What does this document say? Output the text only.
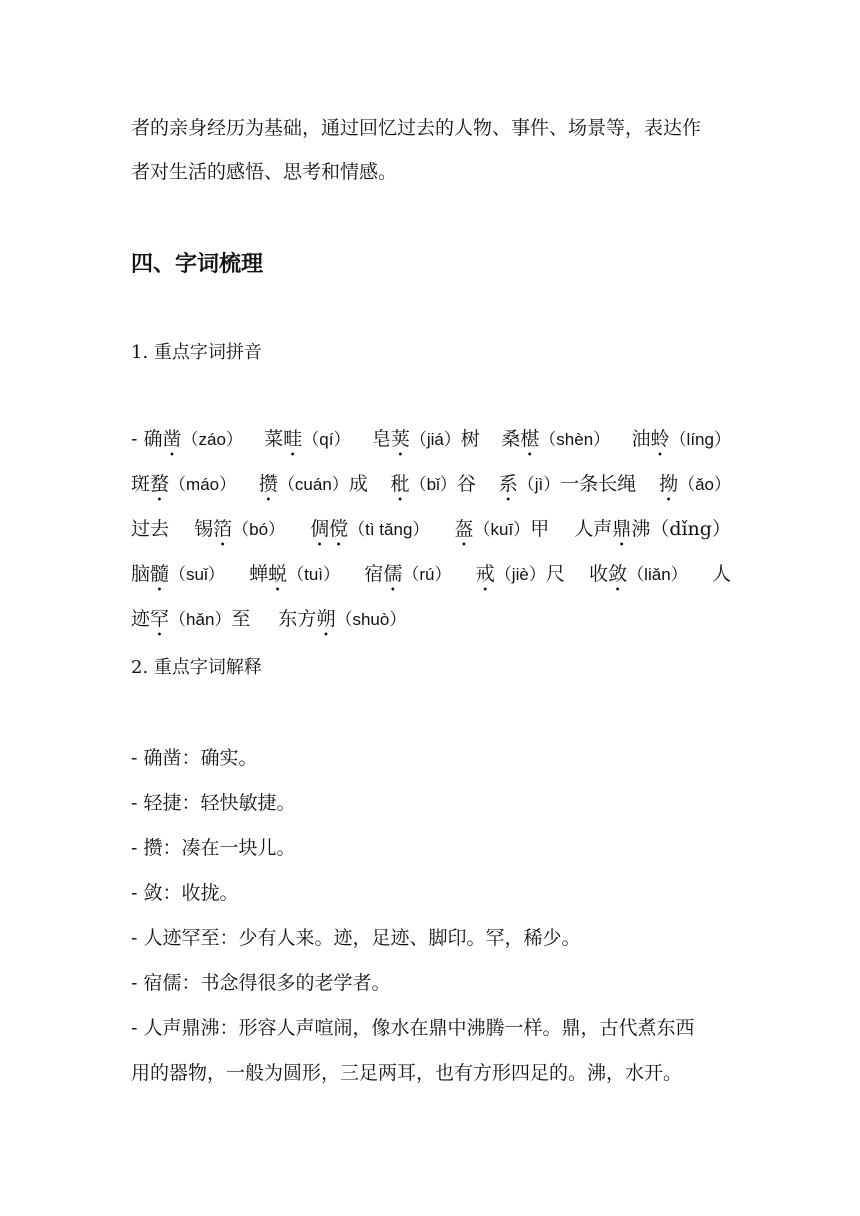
者的亲身经历为基础，通过回忆过去的人物、事件、场景等，表达作
者对生活的感悟、思考和情感。
四、字词梳理
1. 重点字词拼音
- 确凿（záo） 菜畦（qí） 皂荚（jiá）树 桑椹（shèn） 油蛉（líng）
斑蝥（máo） 攒（cuán）成 秕（bǐ）谷 系（jì）一条长绳 拗（ǎo）
过去 锡箔（bó） 倜傥（tì tǎng） 盔（kuī）甲 人声鼎沸（dǐng）
脑髓（suǐ） 蝉蜕（tuì） 宿儒（rú） 戒（jiè）尺 收敛（liǎn） 人
迹罕（hǎn）至 东方朔（shuò）
2. 重点字词解释
- 确凿：确实。
- 轻捷：轻快敏捷。
- 攒：凑在一块儿。
- 敛：收拢。
- 人迹罕至：少有人来。迹，足迹、脚印。罕，稀少。
- 宿儒：书念得很多的老学者。
- 人声鼎沸：形容人声喧闹，像水在鼎中沸腾一样。鼎，古代煮东西
用的器物，一般为圆形，三足两耳，也有方形四足的。沸，水开。
